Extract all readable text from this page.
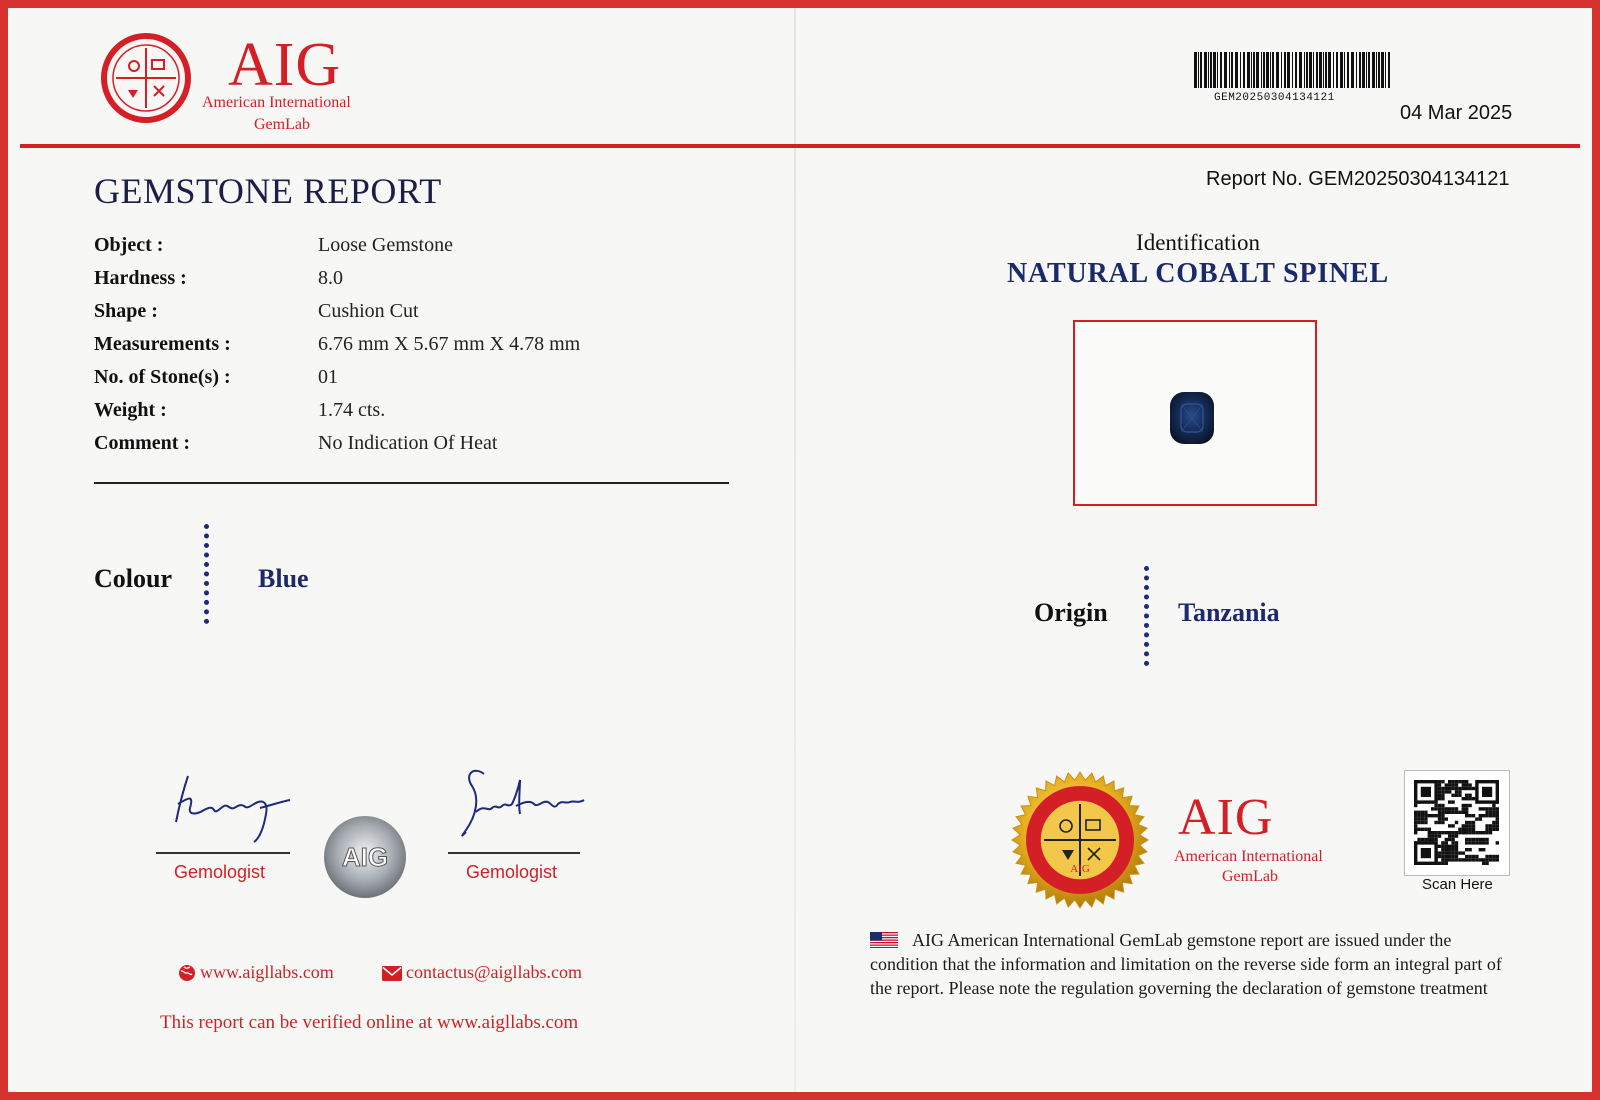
AIG
American International
GemLab
GEMSTONE REPORT
Object :	Loose Gemstone
Hardness :	8.0
Shape :	Cushion Cut
Measurements :	6.76 mm X 5.67 mm X 4.78 mm
No. of Stone(s) :	01
Weight :	1.74 cts.
Comment :	No Indication Of Heat
Colour	Blue
Gemologist	AIG	Gemologist
www.aigllabs.com	contactus@aigllabs.com
This report can be verified online at www.aigllabs.com
GEM20250304134121
04 Mar 2025
Report No. GEM20250304134121
Identification
NATURAL COBALT SPINEL
Origin	Tanzania
AIG
AIG
American International
GemLab	Scan Here
AIG American International GemLab gemstone report are issued under the condition that the information and limitation on the reverse side form an integral part of the report. Please note the regulation governing the declaration of gemstone treatment
